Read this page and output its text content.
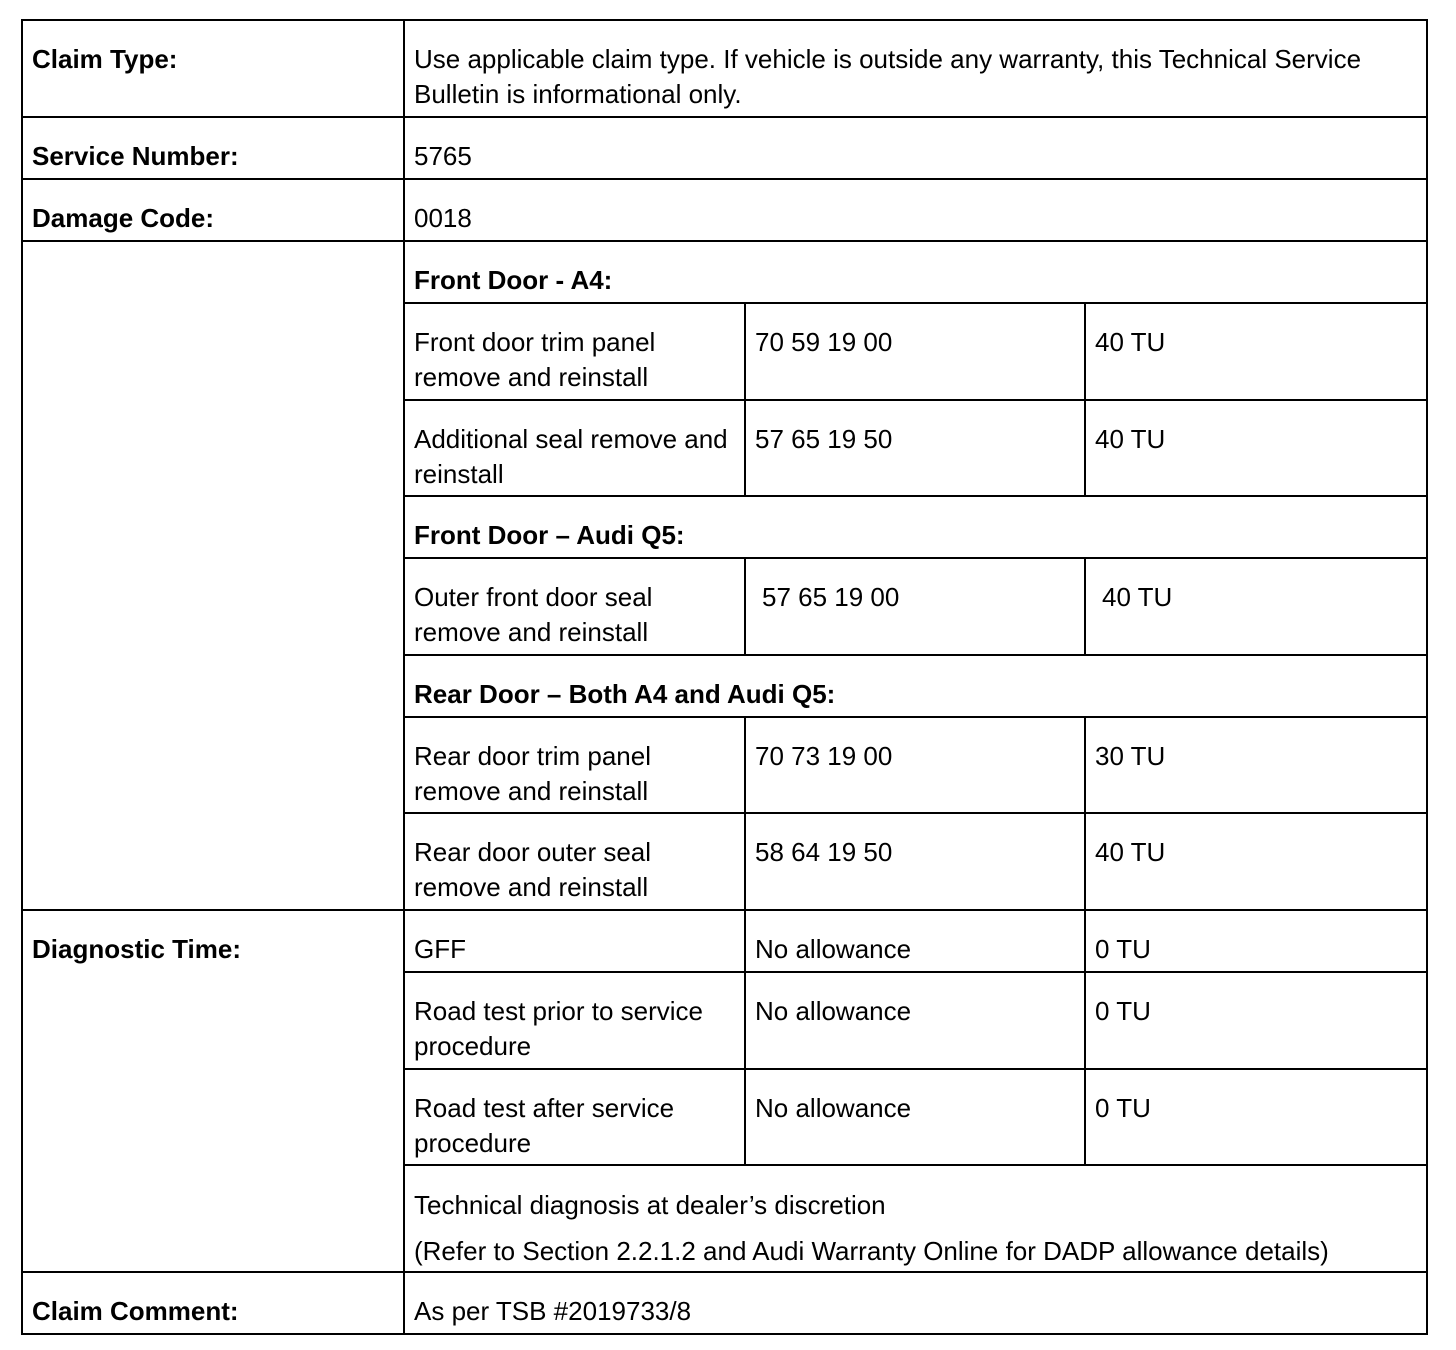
Claim Type:	Use applicable claim type. If vehicle is outside any warranty, this Technical Service Bulletin is informational only.		
Service Number:	5765		
Damage Code:	0018		
	Front Door - A4:		
	Front door trim panel remove and reinstall	70 59 19 00	40 TU
	Additional seal remove and reinstall	57 65 19 50	40 TU
	Front Door – Audi Q5:		
	Outer front door seal remove and reinstall	57 65 19 00	40 TU
	Rear Door – Both A4 and Audi Q5:		
	Rear door trim panel remove and reinstall	70 73 19 00	30 TU
	Rear door outer seal remove and reinstall	58 64 19 50	40 TU
Diagnostic Time:	GFF	No allowance	0 TU
	Road test prior to service procedure	No allowance	0 TU
	Road test after service procedure	No allowance	0 TU
	Technical diagnosis at dealer’s discretion
(Refer to Section 2.2.1.2 and Audi Warranty Online for DADP allowance details)		

Claim Comment:	As per TSB #2019733/8		
